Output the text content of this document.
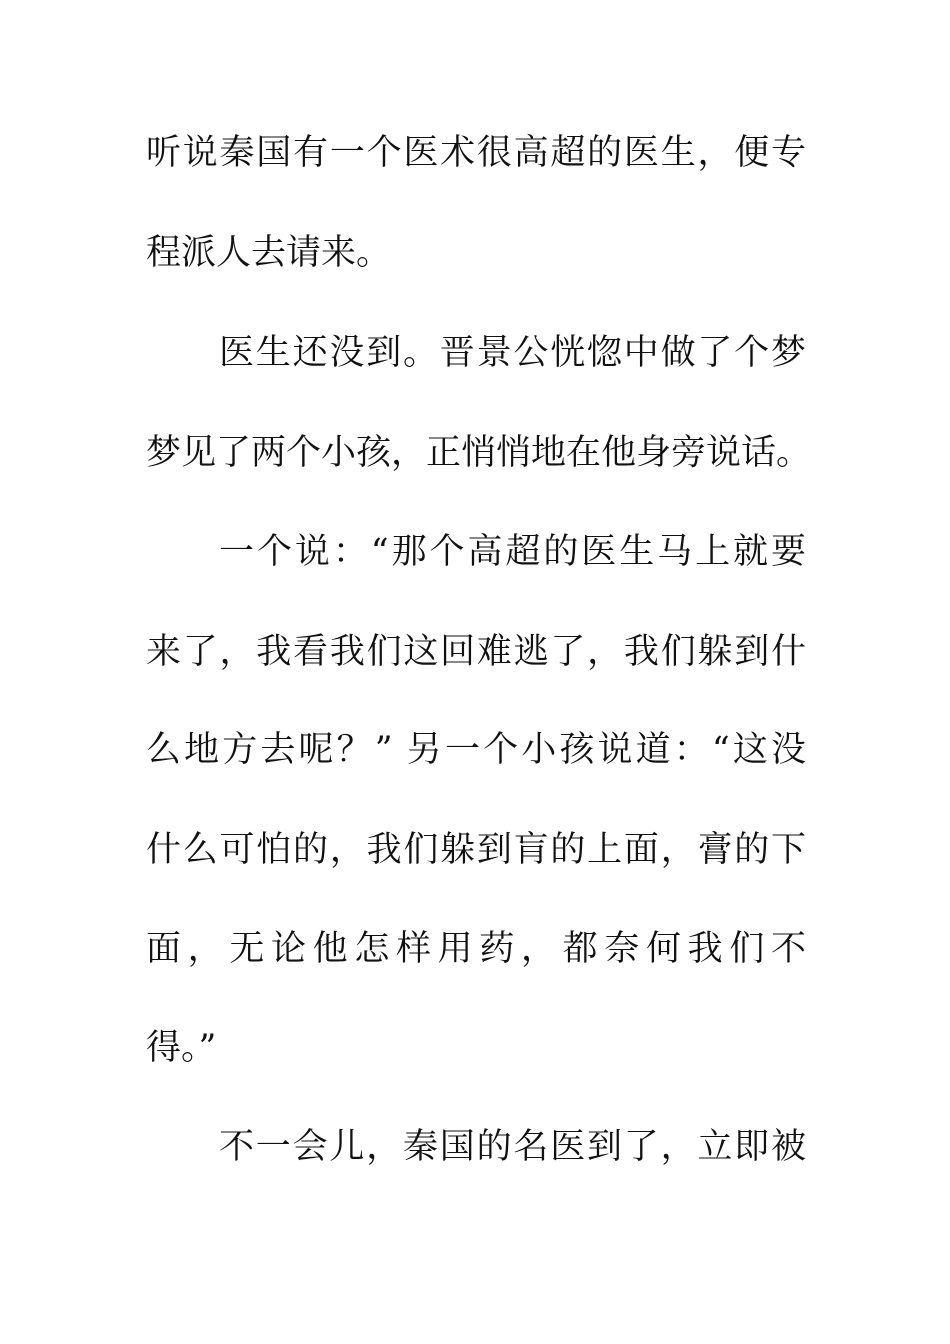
听说秦国有一个医术很高超的医生，便专
程派人去请来。
医生还没到。晋景公恍惚中做了个梦
梦见了两个小孩，正悄悄地在他身旁说话。
一个说：“那个高超的医生马上就要
来了，我看我们这回难逃了，我们躲到什
么地方去呢？” 另一个小孩说道：“这没
什么可怕的，我们躲到肓的上面，膏的下
面，无论他怎样用药，都奈何我们不
得。”
不一会儿，秦国的名医到了，立即被
